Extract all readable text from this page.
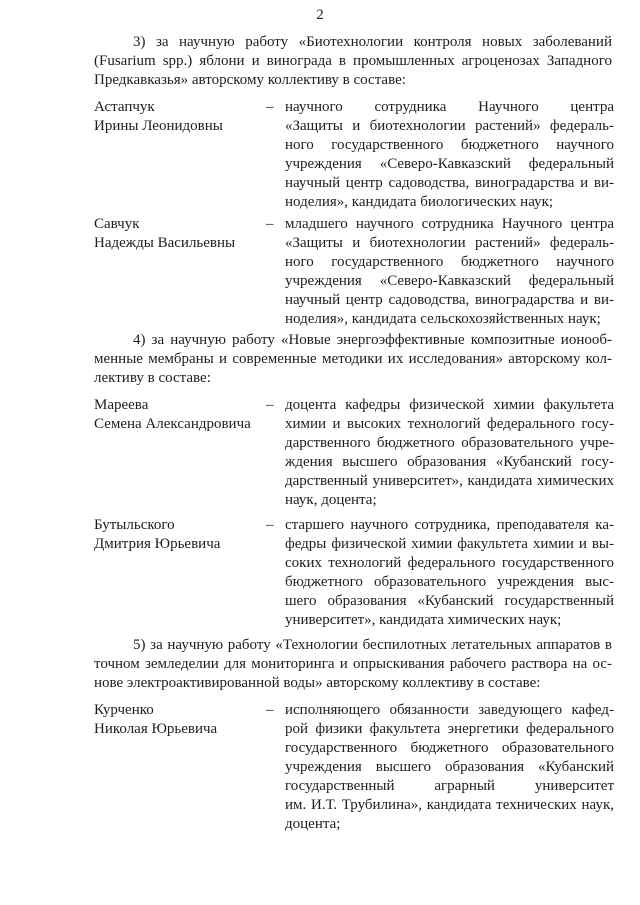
2
3) за научную работу «Биотехнологии контроля новых заболеваний
(Fusarium spp.) яблони и винограда в промышленных агроценозах Западного
Предкавказья» авторскому коллективу в составе:
Астапчук
Ирины Леонидовны
– научного сотрудника Научного центра
«Защиты и биотехнологии растений» федераль-
ного государственного бюджетного научного
учреждения «Северо-Кавказский федеральный
научный центр садоводства, виноградарства и ви-
ноделия», кандидата биологических наук;
Савчук
Надежды Васильевны
– младшего научного сотрудника Научного центра
«Защиты и биотехнологии растений» федераль-
ного государственного бюджетного научного
учреждения «Северо-Кавказский федеральный
научный центр садоводства, виноградарства и ви-
ноделия», кандидата сельскохозяйственных наук;
4) за научную работу «Новые энергоэффективные композитные ионооб-
менные мембраны и современные методики их исследования» авторскому кол-
лективу в составе:
Мареева
Семена Александровича
– доцента кафедры физической химии факультета
химии и высоких технологий федерального госу-
дарственного бюджетного образовательного учре-
ждения высшего образования «Кубанский госу-
дарственный университет», кандидата химических
наук, доцента;
Бутыльского
Дмитрия Юрьевича
– старшего научного сотрудника, преподавателя ка-
федры физической химии факультета химии и вы-
соких технологий федерального государственного
бюджетного образовательного учреждения выс-
шего образования «Кубанский государственный
университет», кандидата химических наук;
5) за научную работу «Технологии беспилотных летательных аппаратов в
точном земледелии для мониторинга и опрыскивания рабочего раствора на ос-
нове электроактивированной воды» авторскому коллективу в составе:
Курченко
Николая Юрьевича
– исполняющего обязанности заведующего кафед-
рой физики факультета энергетики федерального
государственного бюджетного образовательного
учреждения высшего образования «Кубанский
государственный аграрный университет
им. И.Т. Трубилина», кандидата технических наук,
доцента;
